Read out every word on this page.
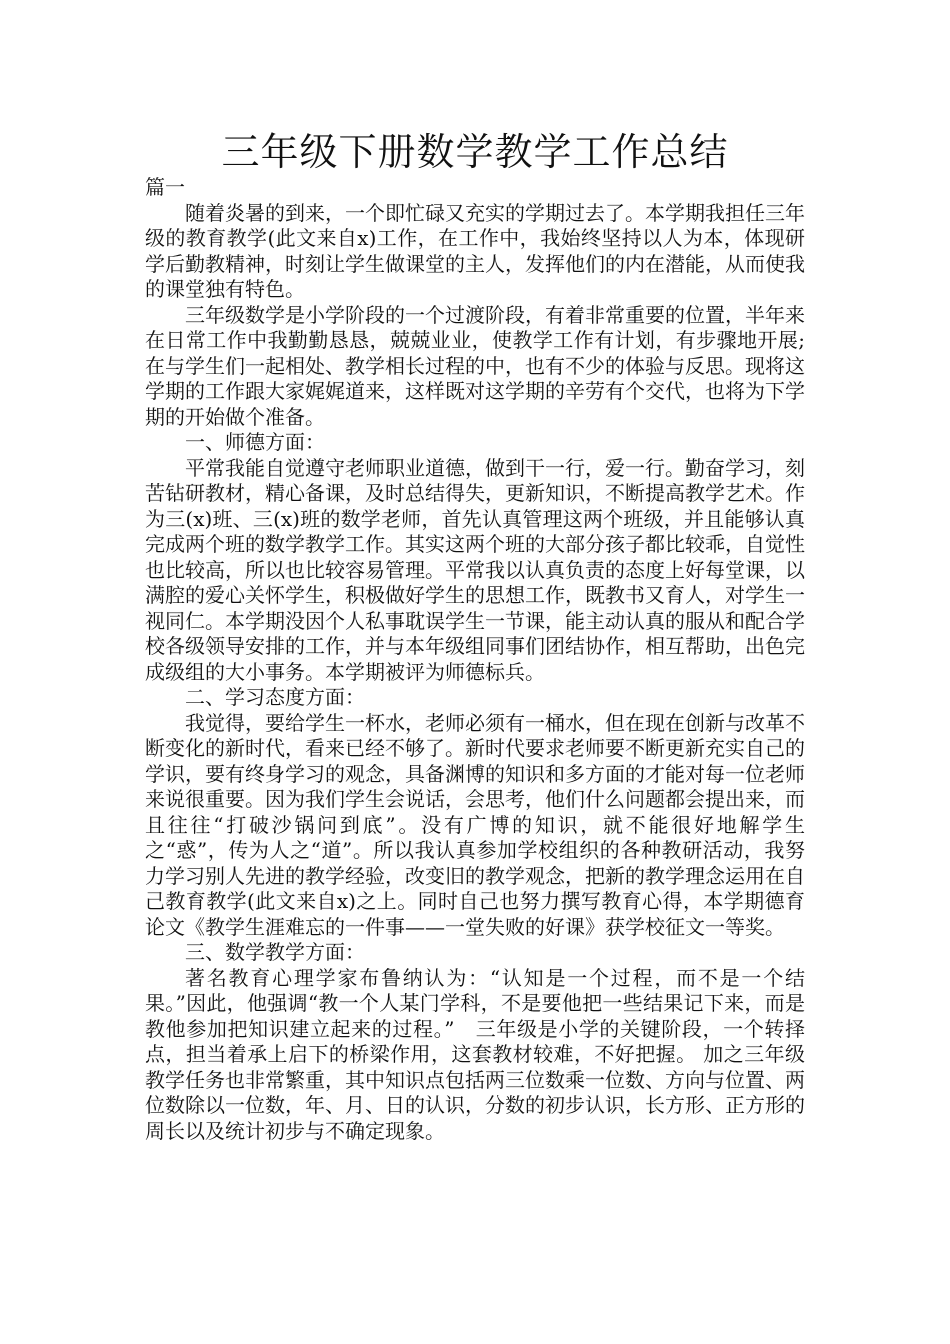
三年级下册数学教学工作总结

篇一

随着炎暑的到来，一个即忙碌又充实的学期过去了。本学期我担任三年级的教育教学(此文来自x)工作，在工作中，我始终坚持以人为本，体现研学后勤教精神，时刻让学生做课堂的主人，发挥他们的内在潜能，从而使我的课堂独有特色。

三年级数学是小学阶段的一个过渡阶段，有着非常重要的位置，半年来在日常工作中我勤勤恳恳，兢兢业业，使教学工作有计划，有步骤地开展;在与学生们一起相处、教学相长过程的中，也有不少的体验与反思。现将这学期的工作跟大家娓娓道来，这样既对这学期的辛劳有个交代，也将为下学期的开始做个准备。

一、师德方面：

平常我能自觉遵守老师职业道德，做到干一行，爱一行。勤奋学习，刻苦钻研教材，精心备课，及时总结得失，更新知识，不断提高教学艺术。作为三(x)班、三(x)班的数学老师，首先认真管理这两个班级，并且能够认真完成两个班的数学教学工作。其实这两个班的大部分孩子都比较乖，自觉性也比较高，所以也比较容易管理。平常我以认真负责的态度上好每堂课，以满腔的爱心关怀学生，积极做好学生的思想工作，既教书又育人，对学生一视同仁。本学期没因个人私事耽误学生一节课，能主动认真的服从和配合学校各级领导安排的工作，并与本年级组同事们团结协作，相互帮助，出色完成级组的大小事务。本学期被评为师德标兵。

二、学习态度方面：

我觉得，要给学生一杯水，老师必须有一桶水，但在现在创新与改革不断变化的新时代，看来已经不够了。新时代要求老师要不断更新充实自己的学识，要有终身学习的观念，具备渊博的知识和多方面的才能对每一位老师来说很重要。因为我们学生会说话，会思考，他们什么问题都会提出来，而且往往“打破沙锅问到底”。没有广博的知识，就不能很好地解学生之“惑”，传为人之“道”。所以我认真参加学校组织的各种教研活动，我努力学习别人先进的教学经验，改变旧的教学观念，把新的教学理念运用在自己教育教学(此文来自x)之上。同时自己也努力撰写教育心得，本学期德育论文《教学生涯难忘的一件事——一堂失败的好课》获学校征文一等奖。

三、数学教学方面：

著名教育心理学家布鲁纳认为：“认知是一个过程，而不是一个结果。”因此，他强调“教一个人某门学科，不是要他把一些结果记下来，而是教他参加把知识建立起来的过程。”　三年级是小学的关键阶段，一个转择点，担当着承上启下的桥梁作用，这套教材较难，不好把握。 加之三年级教学任务也非常繁重，其中知识点包括两三位数乘一位数、方向与位置、两位数除以一位数，年、月、日的认识，分数的初步认识，长方形、正方形的周长以及统计初步与不确定现象。
